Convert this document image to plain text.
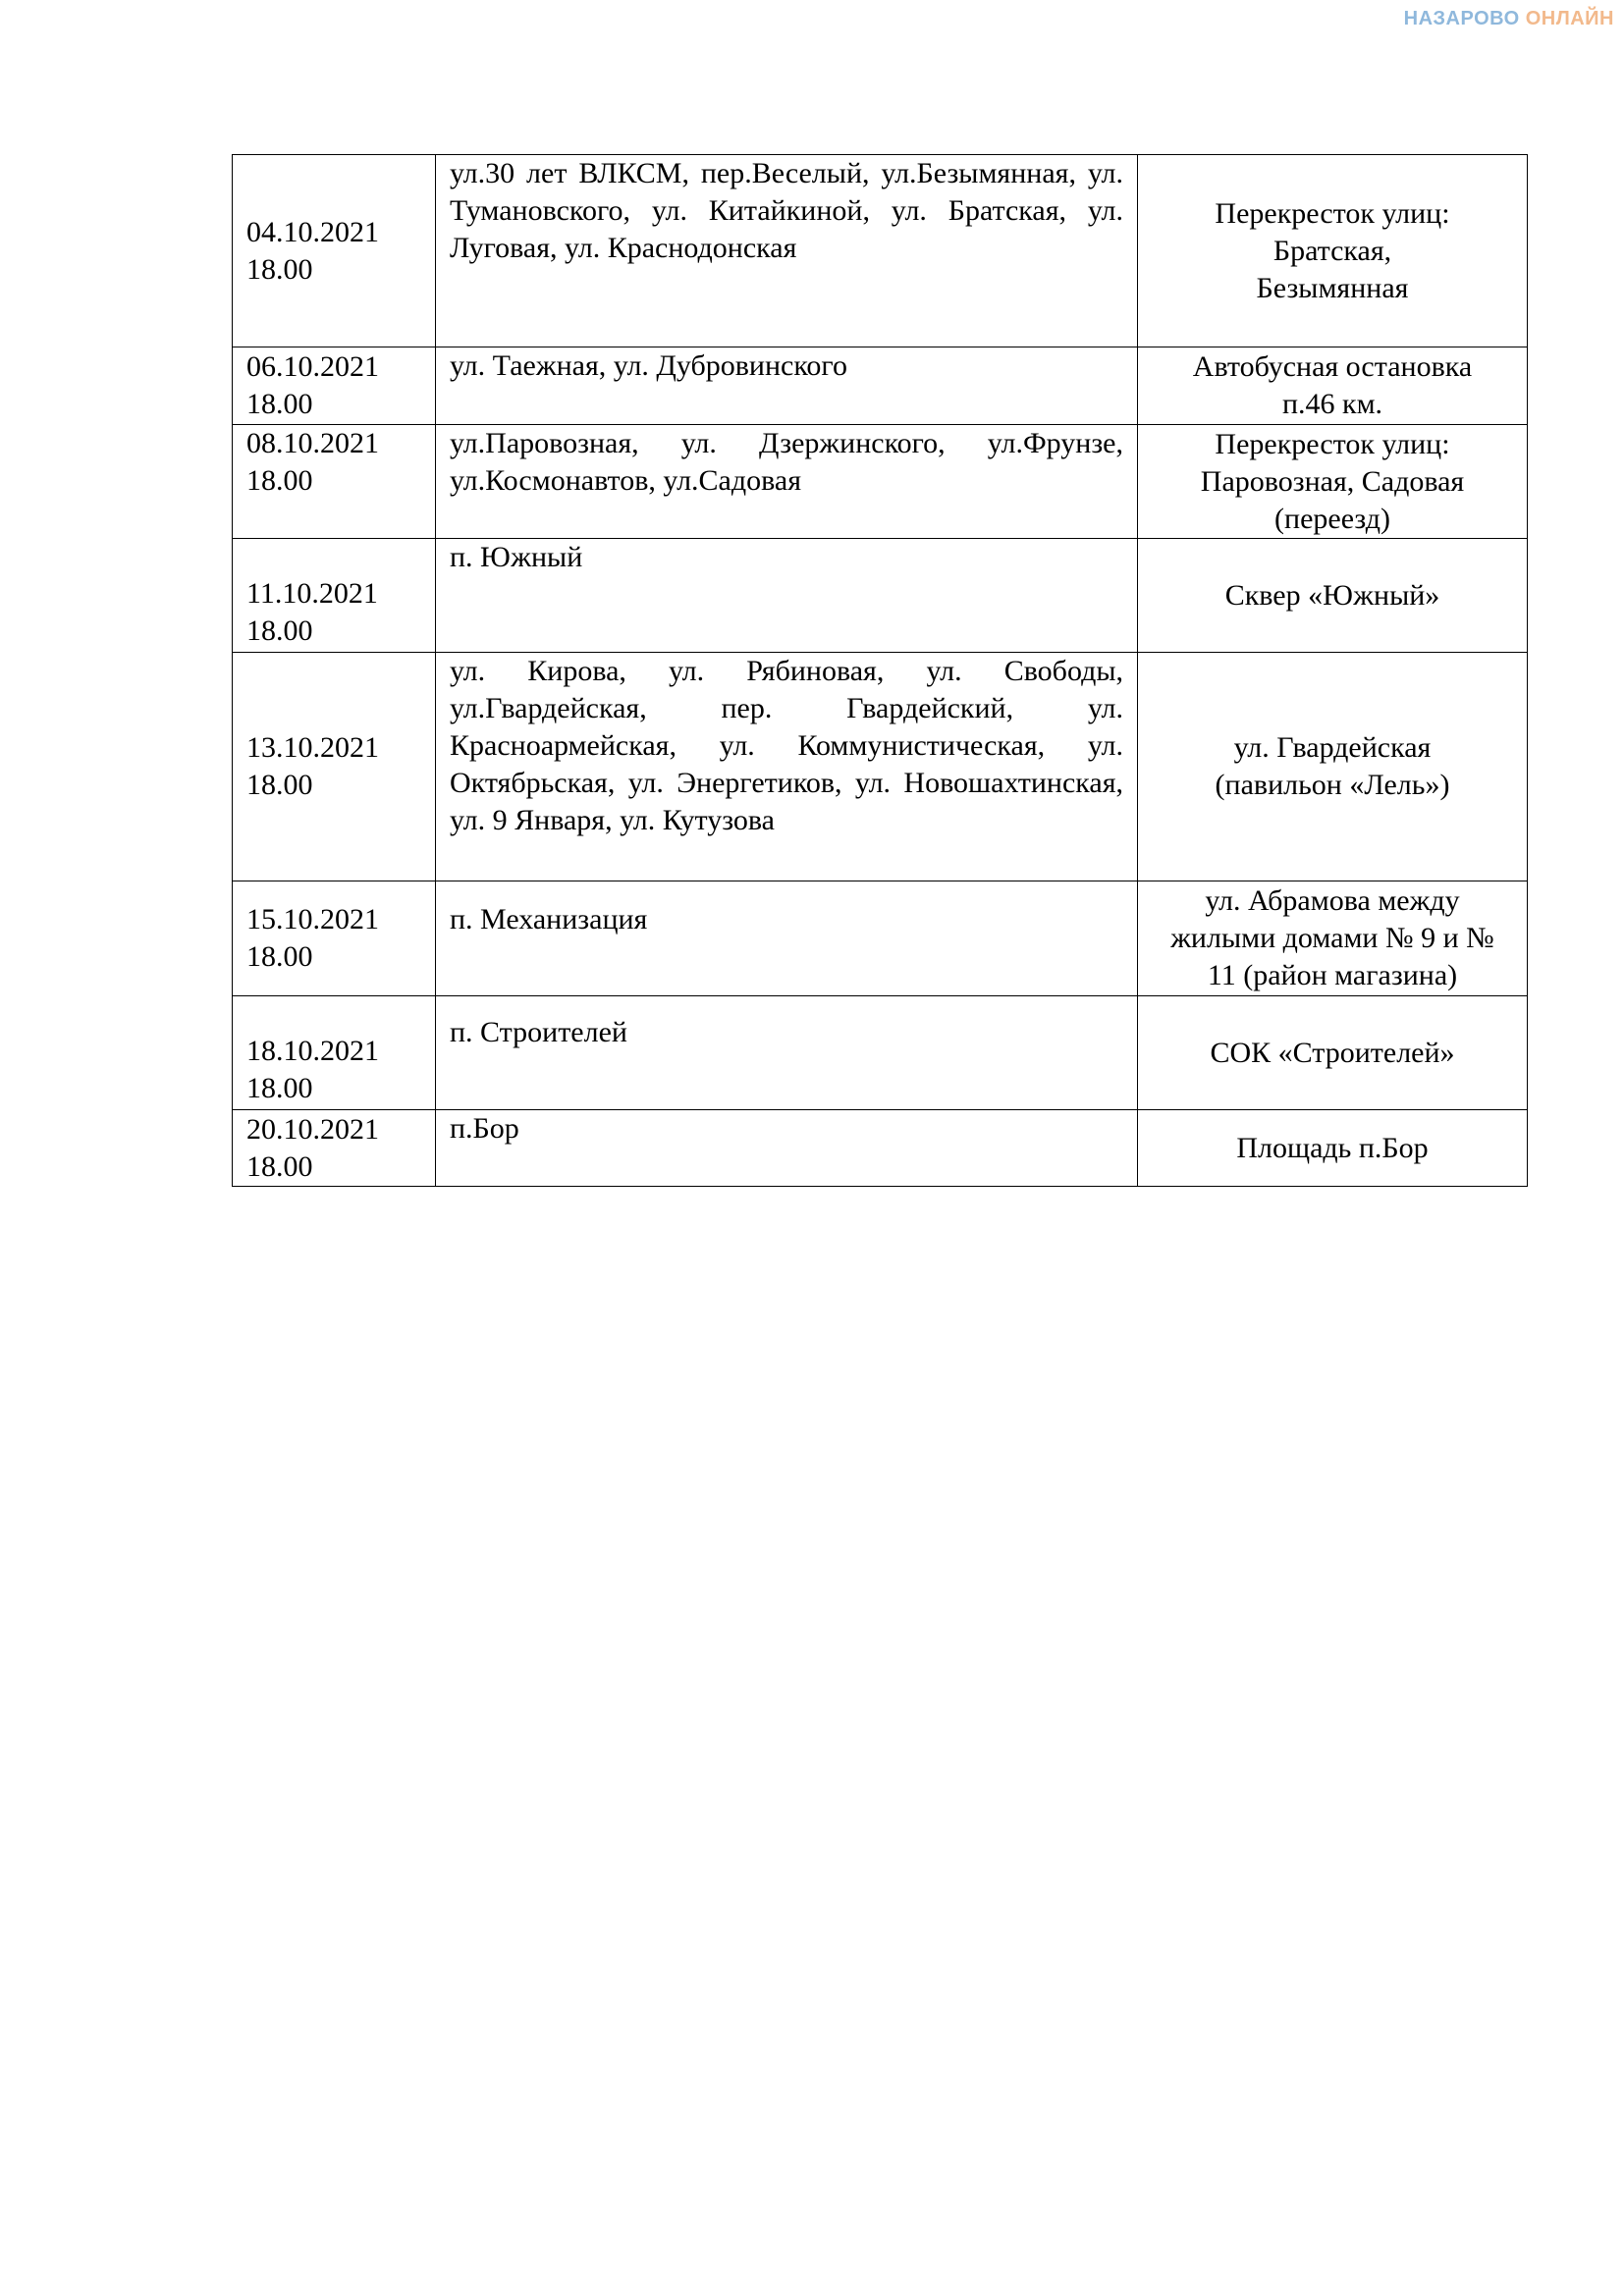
НАЗАРОВО ОНЛАЙН
04.10.2021
18.00	ул.30 лет ВЛКСМ, пер.Веселый, ул.Безымянная, ул. Тумановского, ул. Китайкиной, ул. Братская, ул. Луговая, ул. Краснодонская	Перекресток улиц:
Братская,
Безымянная

06.10.2021
18.00	ул. Таежная, ул. Дубровинского	Автобусная остановка
п.46 км.

08.10.2021
18.00	ул.Паровозная, ул. Дзержинского, ул.Фрунзе, ул.Космонавтов, ул.Садовая	Перекресток улиц:
Паровозная, Садовая
(переезд)

11.10.2021
18.00	п. Южный	Сквер «Южный»

13.10.2021
18.00	ул. Кирова, ул. Рябиновая, ул. Свободы, ул.Гвардейская, пер. Гвардейский, ул. Красноармейская, ул. Коммунистическая, ул. Октябрьская, ул. Энергетиков, ул. Новошахтинская, ул. 9 Января, ул. Кутузова	ул. Гвардейская
(павильон «Лель»)

15.10.2021
18.00	п. Механизация	ул. Абрамова между
жилыми домами № 9 и №
11 (район магазина)

18.10.2021
18.00	п. Строителей	СОК «Строителей»

20.10.2021
18.00	п.Бор	Площадь п.Бор
